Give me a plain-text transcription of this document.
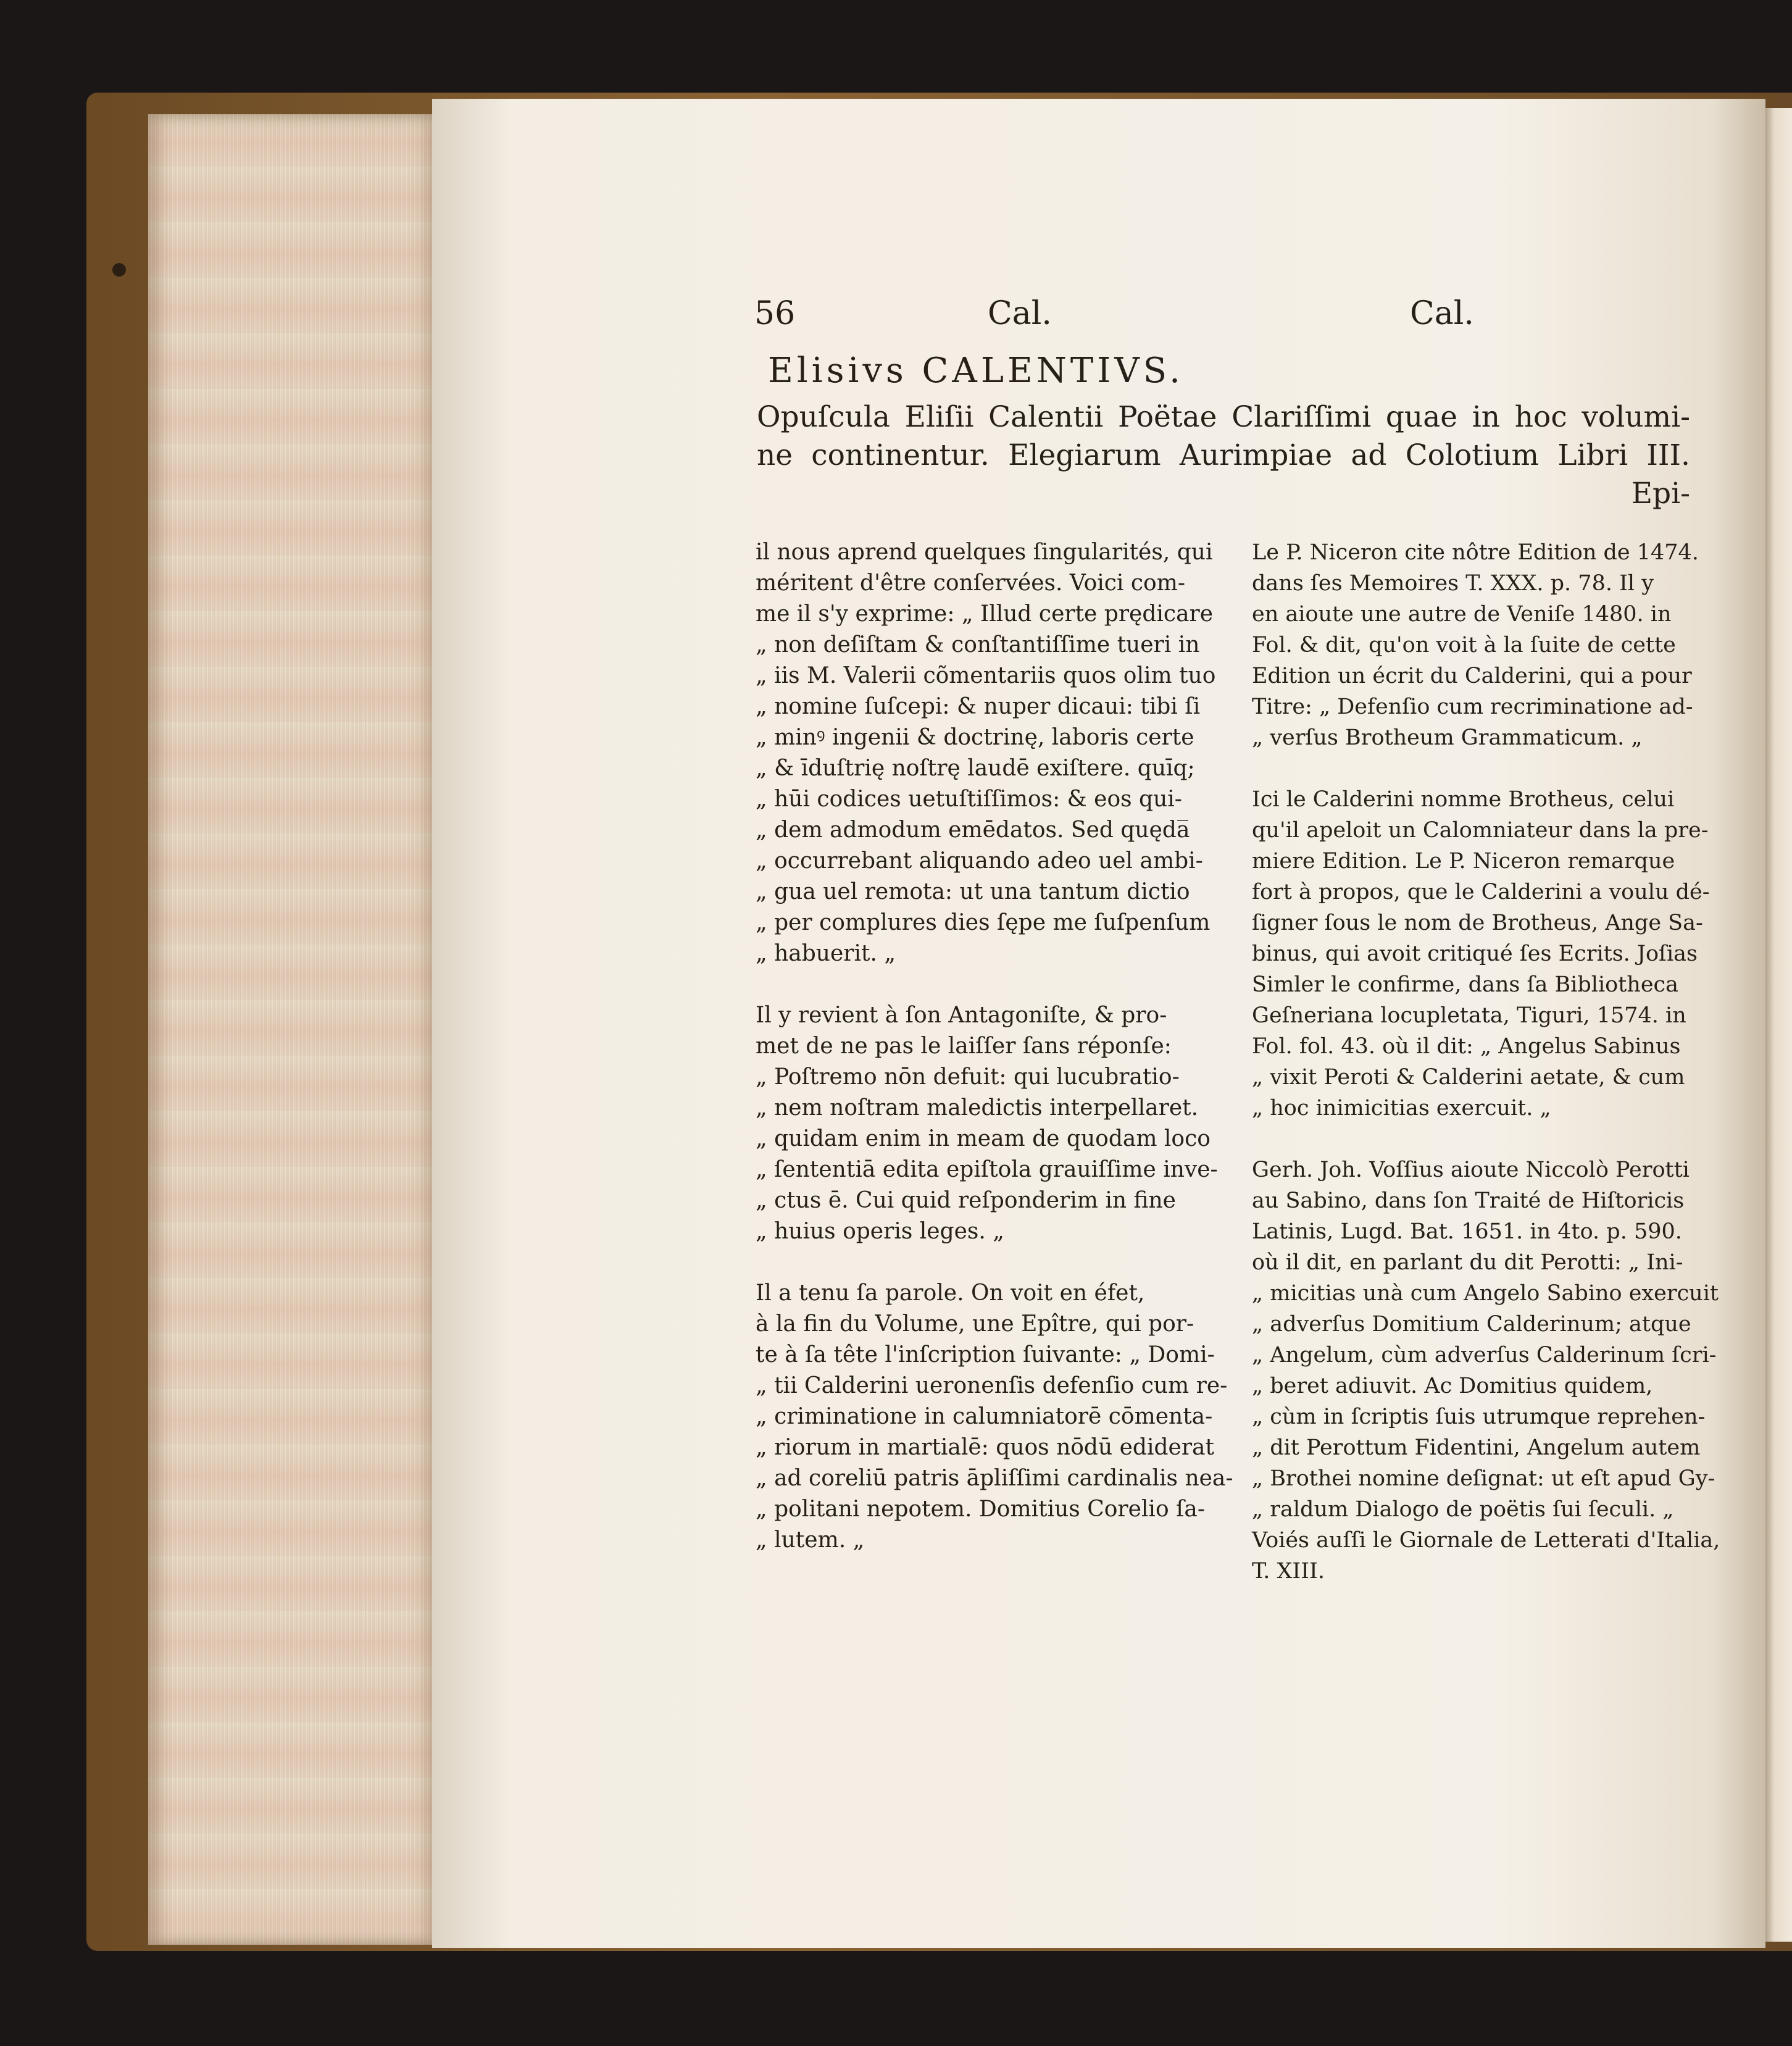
56	Cal.	Cal.
Elisivs CALENTIVS.
Opuſcula Eliſii Calentii Poëtae Clariſſimi quae in hoc volumi-
ne continentur. Elegiarum Aurimpiae ad Colotium Libri III.
Epi-
il nous aprend quelques ſingularités, qui
méritent d'être conſervées. Voici com-
me il s'y exprime: „ Illud certe prędicare
„ non deſiſtam & conſtantiſſime tueri in
„ iis M. Valerii cõmentariis quos olim tuo
„ nomine ſuſcepi: & nuper dicaui: tibi ſi
„ minꝰ ingenii & doctrinę, laboris certe
„ & īduſtrię noſtrę laudē exiſtere. quīq;
„ hūi codices uetuſtiſſimos: & eos qui-
„ dem admodum emēdatos. Sed quęda̅
„ occurrebant aliquando adeo uel ambi-
„ gua uel remota: ut una tantum dictio
„ per complures dies ſępe me ſuſpenſum
„ habuerit. „
Il y revient à ſon Antagoniſte, & pro-
met de ne pas le laiſſer ſans réponſe:
„ Poſtremo nōn defuit: qui lucubratio-
„ nem noſtram maledictis interpellaret.
„ quidam enim in meam de quodam loco
„ ſententiā edita epiſtola grauiſſime inve-
„ ctus ē. Cui quid reſponderim in fine
„ huius operis leges. „
Il a tenu ſa parole. On voit en éfet,
à la fin du Volume, une Epître, qui por-
te à ſa tête l'inſcription ſuivante: „ Domi-
„ tii Calderini ueronenſis defenſio cum re-
„ criminatione in calumniatorē cōmenta-
„ riorum in martialē: quos nōdū ediderat
„ ad coreliū patris āpliſſimi cardinalis nea-
„ politani nepotem. Domitius Corelio ſa-
„ lutem. „
Le P. Niceron cite nôtre Edition de 1474.
dans ſes Memoires T. XXX. p. 78. Il y
en aioute une autre de Veniſe 1480. in
Fol. & dit, qu'on voit à la ſuite de cette
Edition un écrit du Calderini, qui a pour
Titre: „ Defenſio cum recriminatione ad-
„ verſus Brotheum Grammaticum. „
Ici le Calderini nomme Brotheus, celui
qu'il apeloit un Calomniateur dans la pre-
miere Edition. Le P. Niceron remarque
fort à propos, que le Calderini a voulu dé-
ſigner ſous le nom de Brotheus, Ange Sa-
binus, qui avoit critiqué ſes Ecrits. Joſias
Simler le confirme, dans ſa Bibliotheca
Geſneriana locupletata, Tiguri, 1574. in
Fol. fol. 43. où il dit: „ Angelus Sabinus
„ vixit Peroti & Calderini aetate, & cum
„ hoc inimicitias exercuit. „
Gerh. Joh. Voſſius aioute Niccolò Perotti
au Sabino, dans ſon Traité de Hiſtoricis
Latinis, Lugd. Bat. 1651. in 4to. p. 590.
où il dit, en parlant du dit Perotti: „ Ini-
„ micitias unà cum Angelo Sabino exercuit
„ adverſus Domitium Calderinum; atque
„ Angelum, cùm adverſus Calderinum ſcri-
„ beret adiuvit. Ac Domitius quidem,
„ cùm in ſcriptis ſuis utrumque reprehen-
„ dit Perottum Fidentini, Angelum autem
„ Brothei nomine deſignat: ut eſt apud Gy-
„ raldum Dialogo de poëtis ſui ſeculi. „
Voiés auſſi le Giornale de Letterati d'Italia,
T. XIII.
